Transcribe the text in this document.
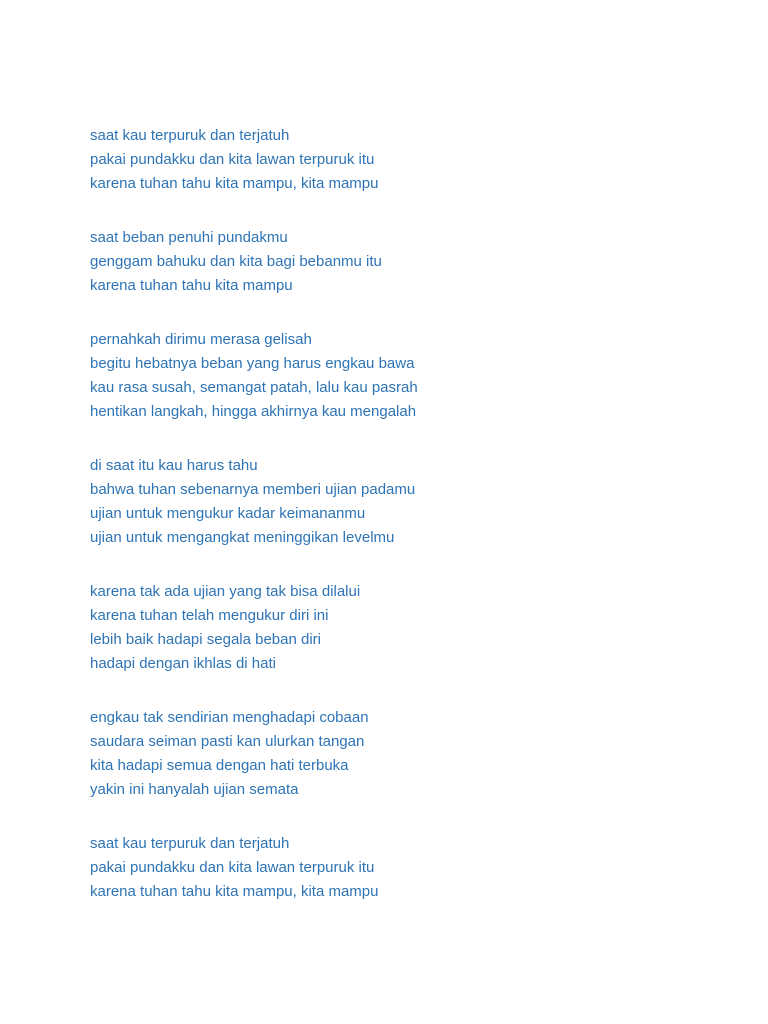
saat kau terpuruk dan terjatuh
pakai pundakku dan kita lawan terpuruk itu
karena tuhan tahu kita mampu, kita mampu
saat beban penuhi pundakmu
genggam bahuku dan kita bagi bebanmu itu
karena tuhan tahu kita mampu
pernahkah dirimu merasa gelisah
begitu hebatnya beban yang harus engkau bawa
kau rasa susah, semangat patah, lalu kau pasrah
hentikan langkah, hingga akhirnya kau mengalah
di saat itu kau harus tahu
bahwa tuhan sebenarnya memberi ujian padamu
ujian untuk mengukur kadar keimananmu
ujian untuk mengangkat meninggikan levelmu
karena tak ada ujian yang tak bisa dilalui
karena tuhan telah mengukur diri ini
lebih baik hadapi segala beban diri
hadapi dengan ikhlas di hati
engkau tak sendirian menghadapi cobaan
saudara seiman pasti kan ulurkan tangan
kita hadapi semua dengan hati terbuka
yakin ini hanyalah ujian semata
saat kau terpuruk dan terjatuh
pakai pundakku dan kita lawan terpuruk itu
karena tuhan tahu kita mampu, kita mampu
